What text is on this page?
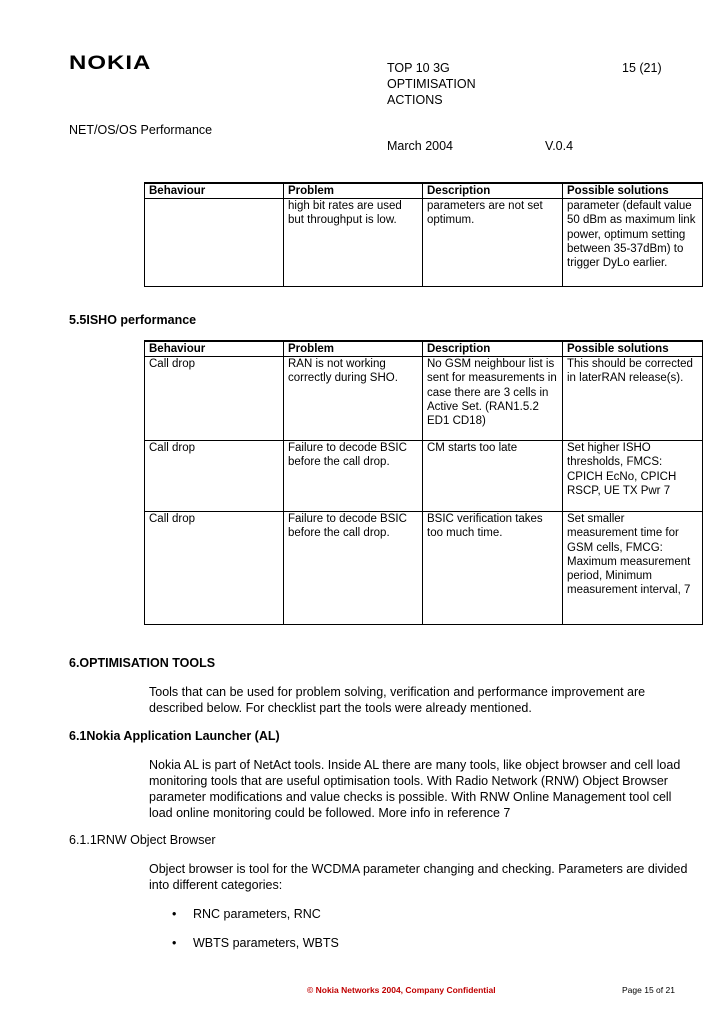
NOKIA	TOP 10 3G OPTIMISATION ACTIONS
15 (21)
NET/OS/OS Performance
March 2004	V.0.4
Behaviour	Problem	Description	Possible solutions
	high bit rates are used but throughput is low.	parameters are not set optimum.	parameter (default value 50 dBm as maximum link power, optimum setting between 35-37dBm) to trigger DyLo earlier.
5.5ISHO performance
Behaviour	Problem	Description	Possible solutions
Call drop	RAN is not working correctly during SHO.	No GSM neighbour list is sent for measurements in case there are 3 cells in Active Set. (RAN1.5.2 ED1 CD18)	This should be corrected in laterRAN release(s).
Call drop	Failure to decode BSIC before the call drop.	CM starts too late	Set higher ISHO thresholds, FMCS: CPICH EcNo, CPICH RSCP, UE TX Pwr 7
Call drop	Failure to decode BSIC before the call drop.	BSIC verification takes too much time.	Set smaller measurement time for GSM cells, FMCG: Maximum measurement period, Minimum measurement interval, 7
6.OPTIMISATION TOOLS
Tools that can be used for problem solving, verification and performance improvement are described below. For checklist part the tools were already mentioned.
6.1Nokia Application Launcher (AL)
Nokia AL is part of NetAct tools. Inside AL there are many tools, like object browser and cell load monitoring tools that are useful optimisation tools. With Radio Network (RNW) Object Browser parameter modifications and value checks is possible. With RNW Online Management tool cell load online monitoring could be followed. More info in reference 7
6.1.1RNW Object Browser
Object browser is tool for the WCDMA parameter changing and checking. Parameters are divided into different categories:
• RNC parameters, RNC
• WBTS parameters, WBTS
© Nokia Networks 2004, Company Confidential	Page 15 of 21
